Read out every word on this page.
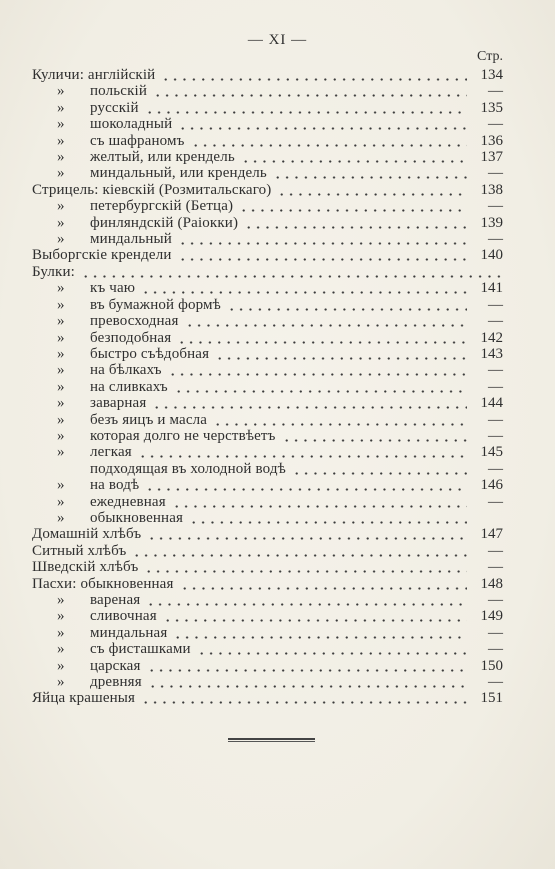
— XI —
Стр.
Куличи: англійскій	134
»	польскій	—
»	русскій	135
»	шоколадный	—
»	съ шафраномъ	136
»	желтый, или крендель	137
»	миндальный, или крендель	—
Стрицель: кіевскій (Розмитальскаго)	138
»	петербургскій (Бетца)	—
»	финляндскій (Раіокки)	139
»	миндальный	—
Выборгскіе крендели	140
Булки:
»	къ чаю	141
»	въ бумажной формѣ	—
»	превосходная	—
»	безподобная	142
»	быстро съѣдобная	143
»	на бѣлкахъ	—
»	на сливкахъ	—
»	заварная	144
»	безъ яицъ и масла	—
»	которая долго не черствѣетъ	—
»	легкая	145
подходящая въ холодной водѣ	—
»	на водѣ	146
»	ежедневная	—
»	обыкновенная
Домашній хлѣбъ	147
Ситный хлѣбъ	—
Шведскій хлѣбъ	—
Пасхи: обыкновенная	148
»	вареная	—
»	сливочная	149
»	миндальная	—
»	съ фисташками	—
»	царская	150
»	древняя	—
Яйца крашеныя	151
